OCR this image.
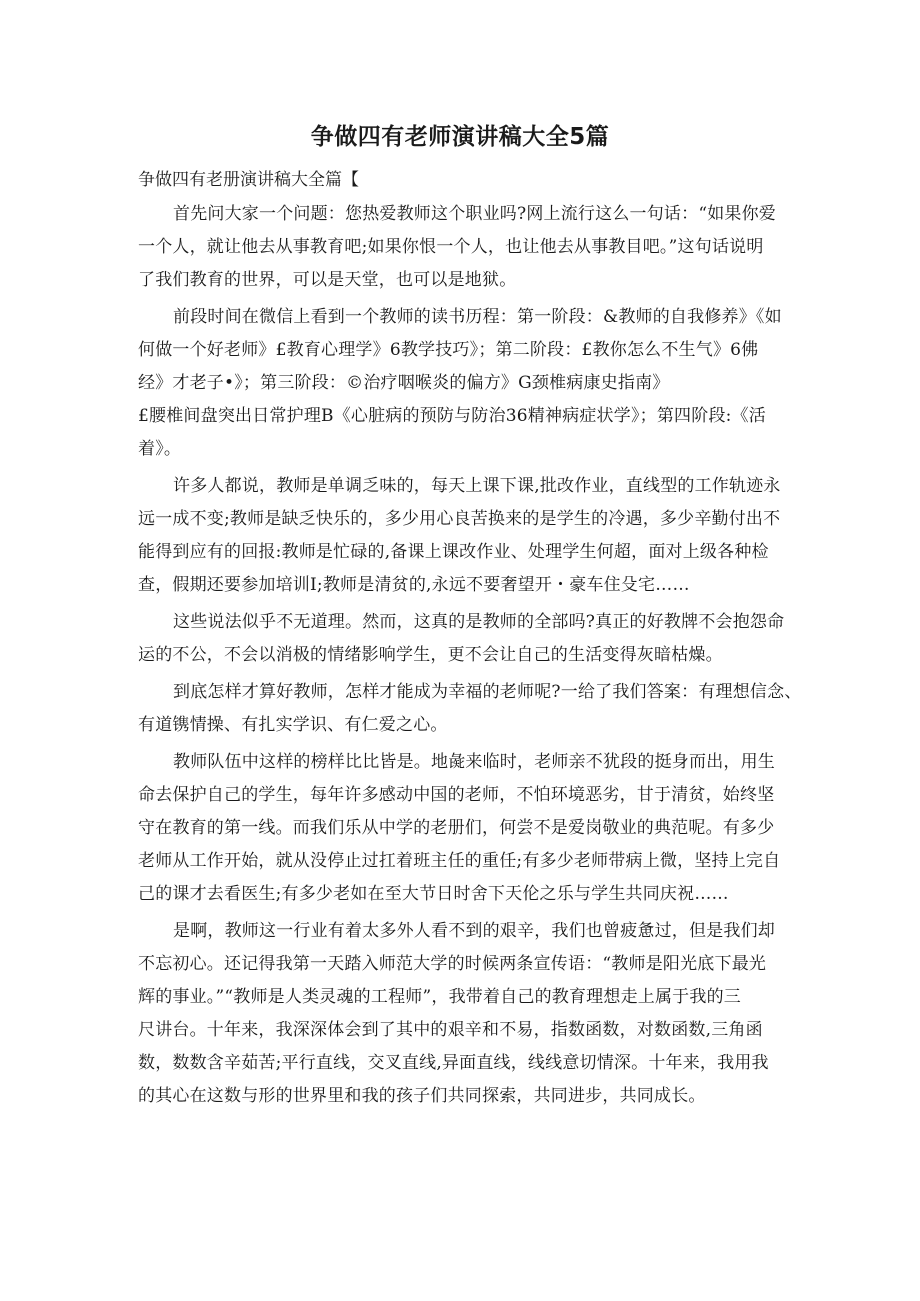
争做四有老师演讲稿大全5篇

争做四有老册演讲稿大全篇【

首先问大家一个问题：您热爱教师这个职业吗?网上流行这么一句话：“如果你爱
一个人，就让他去从事教育吧;如果你恨一个人，也让他去从事教目吧。”这句话说明
了我们教育的世界，可以是天堂，也可以是地狱。

前段时间在微信上看到一个教师的读书历程：第一阶段：&教师的自我修养》《如
何做一个好老师》£教育心理学》6教学技巧》；第二阶段：£教你怎么不生气》6佛
经》才老子•》；第三阶段：©治疗咽喉炎的偏方》G颈椎病康史指南》
£腰椎间盘突出日常护理B《心脏病的预防与防治36精神病症状学》；第四阶段:《活
着》。

许多人都说，教师是单调乏味的，每天上课下课,批改作业，直线型的工作轨迹永
远一成不变;教师是缺乏快乐的，多少用心良苦换来的是学生的冷遇，多少辛勤付出不
能得到应有的回报:教师是忙碌的,备课上课改作业、处理学生何超，面对上级各种检
查，假期还要参加培训I;教师是清贫的,永远不要奢望开・豪车住殳宅……

这些说法似乎不无道理。然而，这真的是教师的全部吗?真正的好教牌不会抱怨命
运的不公，不会以消极的情绪影响学生，更不会让自己的生活变得灰暗枯燥。

到底怎样才算好教师，怎样才能成为幸福的老师呢?一给了我们答案：有理想信念、
有道镌情操、有扎实学识、有仁爱之心。

教师队伍中这样的榜样比比皆是。地彘来临时，老师亲不犹段的挺身而出，用生
命去保护自己的学生，每年许多感动中国的老师，不怕环境恶劣，甘于清贫，始终坚
守在教育的第一线。而我们乐从中学的老册们，何尝不是爱岗敬业的典范呢。有多少
老师从工作开始，就从没停止过扛着班主任的重任;有多少老师带病上微，坚持上完自
己的课才去看医生;有多少老如在至大节日时舍下天伦之乐与学生共同庆祝……

是啊，教师这一行业有着太多外人看不到的艰辛，我们也曾疲惫过，但是我们却
不忘初心。还记得我第一天踏入师范大学的时候两条宣传语：“教师是阳光底下最光
辉的事业。”“教师是人类灵魂的工程师”，我带着自己的教育理想走上属于我的三
尺讲台。十年来，我深深体会到了其中的艰辛和不易，指数函数，对数函数,三角函
数，数数含辛茹苦;平行直线，交叉直线,异面直线，线线意切情深。十年来，我用我
的其心在这数与形的世界里和我的孩子们共同探索，共同进步，共同成长。
